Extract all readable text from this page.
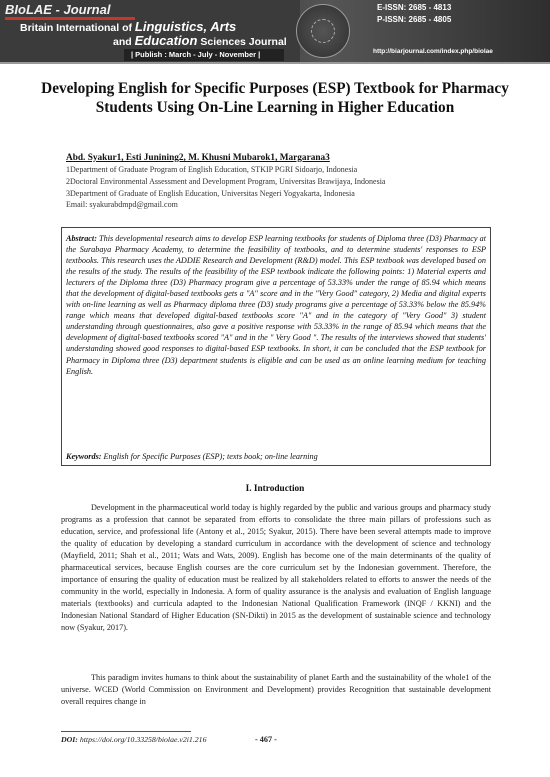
BIoLAE - Journal
Britain International of Linguistics, Arts
and Education Sciences Journal
| Publish : March - July - November |
E-ISSN: 2685 - 4813
P-ISSN: 2685 - 4805
http://biarjournal.com/index.php/biolae
Developing English for Specific Purposes (ESP) Textbook for Pharmacy Students Using On-Line Learning in Higher Education
Abd. Syakur1, Esti Junining2, M. Khusni Mubarok1, Margarana3
1Department of Graduate Program of English Education, STKIP PGRI Sidoarjo, Indonesia
2Doctoral Environmental Assessment and Development Program, Universitas Brawijaya, Indonesia
3Department of Graduate of English Education, Universitas Negeri Yogyakarta, Indonesia
Email: syakurabdmpd@gmail.com
Abstract: This developmental research aims to develop ESP learning textbooks for students of Diploma three (D3) Pharmacy at the Surabaya Pharmacy Academy, to determine the feasibility of textbooks, and to determine students' responses to ESP textbooks. This research uses the ADDIE Research and Development (R&D) model. This ESP textbook was developed based on the results of the study. The results of the feasibility of the ESP textbook indicate the following points: 1) Material experts and lecturers of the Diploma three (D3) Pharmacy program give a percentage of 53.33% under the range of 85.94 which means that the development of digital-based textbooks gets a "A" score and in the "Very Good" category, 2) Media and digital experts with on-line learning as well as Pharmacy diploma three (D3) study programs give a percentage of 53.33% below the 85.94% range which means that developed digital-based textbooks score "A" and in the category of "Very Good" 3) student understanding through questionnaires, also gave a positive response with 53.33% in the range of 85.94 which means that the development of digital-based textbooks scored "A" and in the " Very Good ". The results of the interviews showed that students' understanding showed good responses to digital-based ESP textbooks. In short, it can be concluded that the ESP textbook for Pharmacy in Diploma three (D3) department students is eligible and can be used as an online learning medium for teaching English.
Keywords: English for Specific Purposes (ESP); texts book; on-line learning
I. Introduction
Development in the pharmaceutical world today is highly regarded by the public and various groups and pharmacy study programs as a profession that cannot be separated from efforts to consolidate the three main pillars of professions such as education, service, and professional life (Antony et al., 2015; Syakur, 2015). There have been several attempts made to improve the quality of education by developing a standard curriculum in accordance with the development of science and technology (Mayfield, 2011; Shah et al., 2011; Wats and Wats, 2009). English has become one of the main determinants of the quality of pharmaceutical services, because English courses are the core curriculum set by the Indonesian government. Therefore, the importance of ensuring the quality of education must be realized by all stakeholders related to efforts to answer the needs of the community in the world, especially in Indonesia. A form of quality assurance is the analysis and evaluation of English language materials (textbooks) and curricula adapted to the Indonesian National Qualification Framework (INQF / KKNI) and the Indonesian National Standard of Higher Education (SN-Dikti) in 2015 as the development of sustainable science and technology now (Syakur, 2017).
This paradigm invites humans to think about the sustainability of planet Earth and the sustainability of the whole1 of the universe. WCED (World Commission on Environment and Development) provides Recognition that sustainable development overall requires change in
DOI: https://doi.org/10.33258/biolae.v2i1.216	- 467 -
